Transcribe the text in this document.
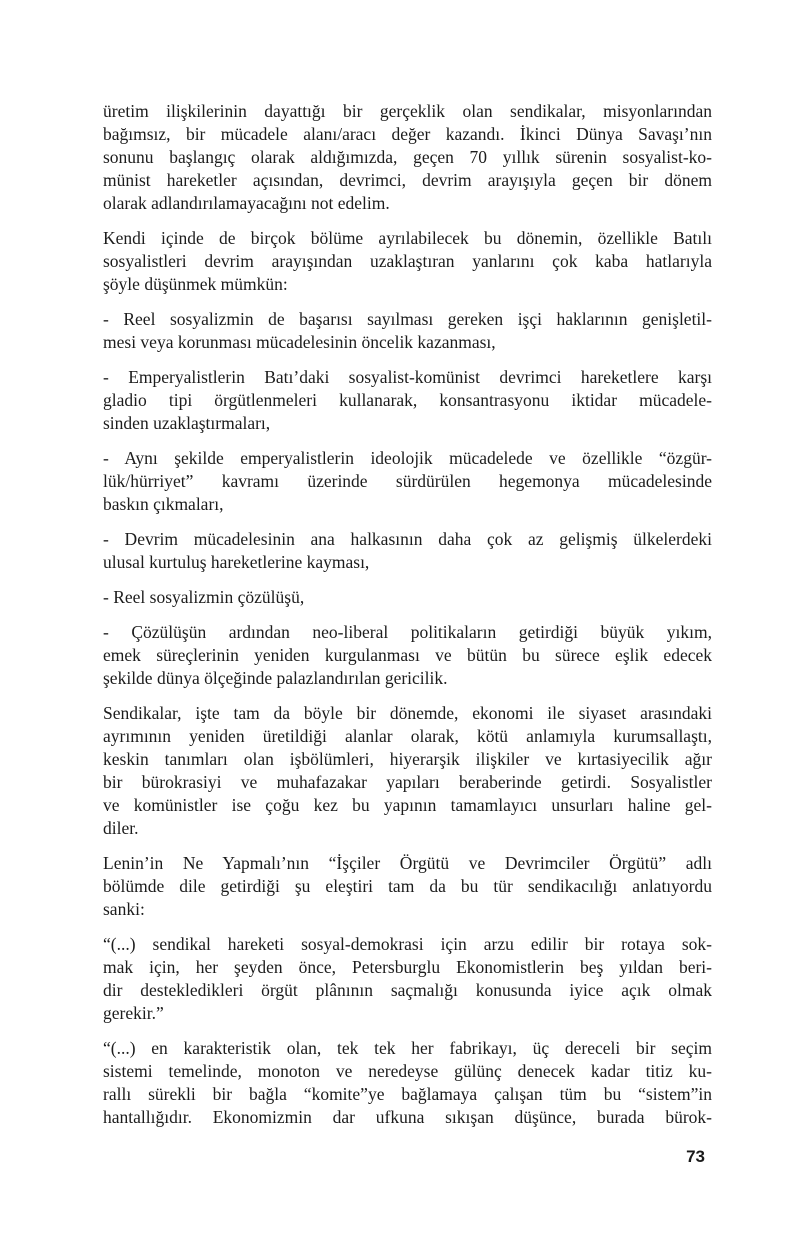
üretim ilişkilerinin dayattığı bir gerçeklik olan sendikalar, misyonlarından
bağımsız, bir mücadele alanı/aracı değer kazandı. İkinci Dünya Savaşı’nın
sonunu başlangıç olarak aldığımızda, geçen 70 yıllık sürenin sosyalist-ko-
münist hareketler açısından, devrimci, devrim arayışıyla geçen bir dönem
olarak adlandırılamayacağını not edelim.
Kendi içinde de birçok bölüme ayrılabilecek bu dönemin, özellikle Batılı
sosyalistleri devrim arayışından uzaklaştıran yanlarını çok kaba hatlarıyla
şöyle düşünmek mümkün:
- Reel sosyalizmin de başarısı sayılması gereken işçi haklarının genişletil-
mesi veya korunması mücadelesinin öncelik kazanması,
- Emperyalistlerin Batı’daki sosyalist-komünist devrimci hareketlere karşı
gladio tipi örgütlenmeleri kullanarak, konsantrasyonu iktidar mücadele-
sinden uzaklaştırmaları,
- Aynı şekilde emperyalistlerin ideolojik mücadelede ve özellikle “özgür-
lük/hürriyet” kavramı üzerinde sürdürülen hegemonya mücadelesinde
baskın çıkmaları,
- Devrim mücadelesinin ana halkasının daha çok az gelişmiş ülkelerdeki
ulusal kurtuluş hareketlerine kayması,
- Reel sosyalizmin çözülüşü,
- Çözülüşün ardından neo-liberal politikaların getirdiği büyük yıkım,
emek süreçlerinin yeniden kurgulanması ve bütün bu sürece eşlik edecek
şekilde dünya ölçeğinde palazlandırılan gericilik.
Sendikalar, işte tam da böyle bir dönemde, ekonomi ile siyaset arasındaki
ayrımının yeniden üretildiği alanlar olarak, kötü anlamıyla kurumsallaştı,
keskin tanımları olan işbölümleri, hiyerarşik ilişkiler ve kırtasiyecilik ağır
bir bürokrasiyi ve muhafazakar yapıları beraberinde getirdi. Sosyalistler
ve komünistler ise çoğu kez bu yapının tamamlayıcı unsurları haline gel-
diler.
Lenin’in Ne Yapmalı’nın “İşçiler Örgütü ve Devrimciler Örgütü” adlı
bölümde dile getirdiği şu eleştiri tam da bu tür sendikacılığı anlatıyordu
sanki:
“(...) sendikal hareketi sosyal-demokrasi için arzu edilir bir rotaya sok-
mak için, her şeyden önce, Petersburglu Ekonomistlerin beş yıldan beri-
dir destekledikleri örgüt plânının saçmalığı konusunda iyice açık olmak
gerekir.”
“(...) en karakteristik olan, tek tek her fabrikayı, üç dereceli bir seçim
sistemi temelinde, monoton ve neredeyse gülünç denecek kadar titiz ku-
rallı sürekli bir bağla “komite”ye bağlamaya çalışan tüm bu “sistem”in
hantallığıdır. Ekonomizmin dar ufkuna sıkışan düşünce, burada bürok-
73
